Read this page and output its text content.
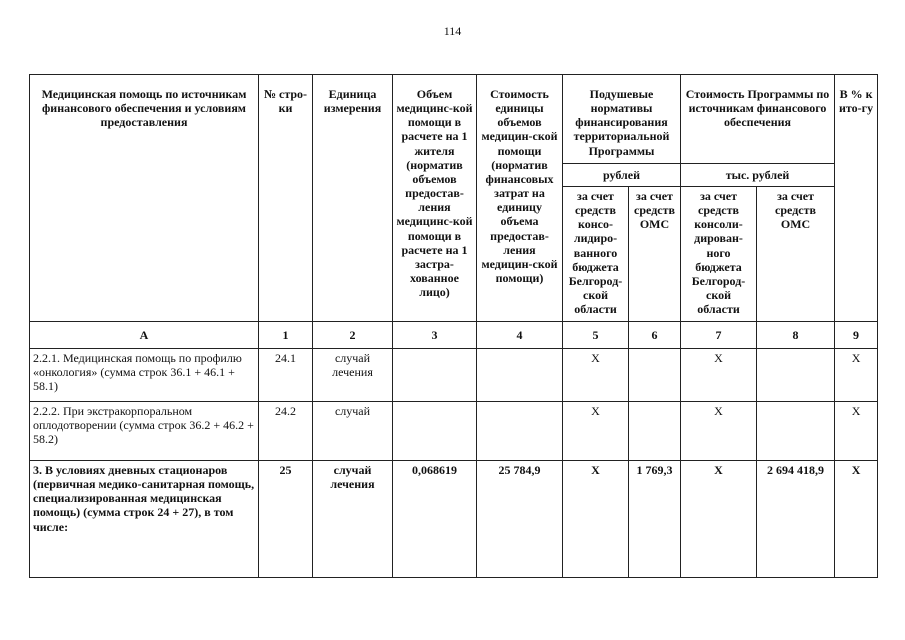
114
Медицинская помощь по источникам финансового обеспечения и условиям предоставления	№ стро-ки	Единица измерения	Объем медицинс-кой помощи в расчете на 1 жителя (норматив объемов предостав-ления медицинс-кой помощи в расчете на 1 застра-хованное лицо)	Стоимость единицы объемов медицин-ской помощи (норматив финансовых затрат на единицу объема предостав-ления медицин-ской помощи)	Подушевые нормативы финансирования территориальной Программы		Стоимость Программы по источникам финансового обеспечения		В % к ито-гу
					рублей		тыс. рублей		
					за счет средств консо-лидиро-ванного бюджета Белгород-ской области	за счет средств ОМС	за счет средств консоли-дирован-ного бюджета Белгород-ской области	за счет средств ОМС	
А	1	2	3	4	5	6	7	8	9
2.2.1. Медицинская помощь по профилю «онкология» (сумма строк 36.1 + 46.1 + 58.1)	24.1	случай лечения			Х		Х		Х
2.2.2. При экстракорпоральном оплодотворении (сумма строк 36.2 + 46.2 + 58.2)	24.2	случай			Х		Х		Х
3. В условиях дневных стационаров (первичная медико-санитарная помощь, специализированная медицинская помощь) (сумма строк 24 + 27), в том числе:	25	случай лечения	0,068619	25 784,9	Х	1 769,3	Х	2 694 418,9	Х
